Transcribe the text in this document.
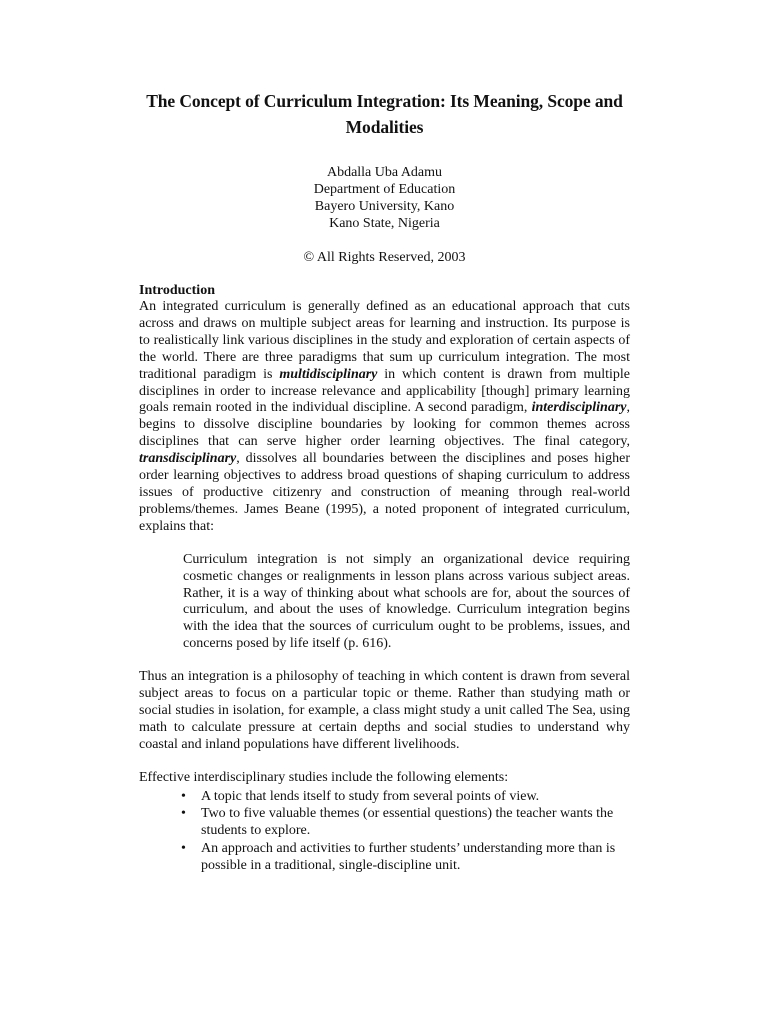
The Concept of Curriculum Integration: Its Meaning, Scope and Modalities
Abdalla Uba Adamu
Department of Education
Bayero University, Kano
Kano State, Nigeria
© All Rights Reserved, 2003
Introduction

An integrated curriculum is generally defined as an educational approach that cuts across and draws on multiple subject areas for learning and instruction. Its purpose is to realistically link various disciplines in the study and exploration of certain aspects of the world. There are three paradigms that sum up curriculum integration. The most traditional paradigm is multidisciplinary in which content is drawn from multiple disciplines in order to increase relevance and applicability [though] primary learning goals remain rooted in the individual discipline. A second paradigm, interdisciplinary, begins to dissolve discipline boundaries by looking for common themes across disciplines that can serve higher order learning objectives. The final category, transdisciplinary, dissolves all boundaries between the disciplines and poses higher order learning objectives to address broad questions of shaping curriculum to address issues of productive citizenry and construction of meaning through real-world problems/themes. James Beane (1995), a noted proponent of integrated curriculum, explains that:

Curriculum integration is not simply an organizational device requiring cosmetic changes or realignments in lesson plans across various subject areas. Rather, it is a way of thinking about what schools are for, about the sources of curriculum, and about the uses of knowledge. Curriculum integration begins with the idea that the sources of curriculum ought to be problems, issues, and concerns posed by life itself (p. 616).

Thus an integration is a philosophy of teaching in which content is drawn from several subject areas to focus on a particular topic or theme. Rather than studying math or social studies in isolation, for example, a class might study a unit called The Sea, using math to calculate pressure at certain depths and social studies to understand why coastal and inland populations have different livelihoods.

Effective interdisciplinary studies include the following elements:

• A topic that lends itself to study from several points of view.
• Two to five valuable themes (or essential questions) the teacher wants the students to explore.
• An approach and activities to further students’ understanding more than is possible in a traditional, single-discipline unit.
